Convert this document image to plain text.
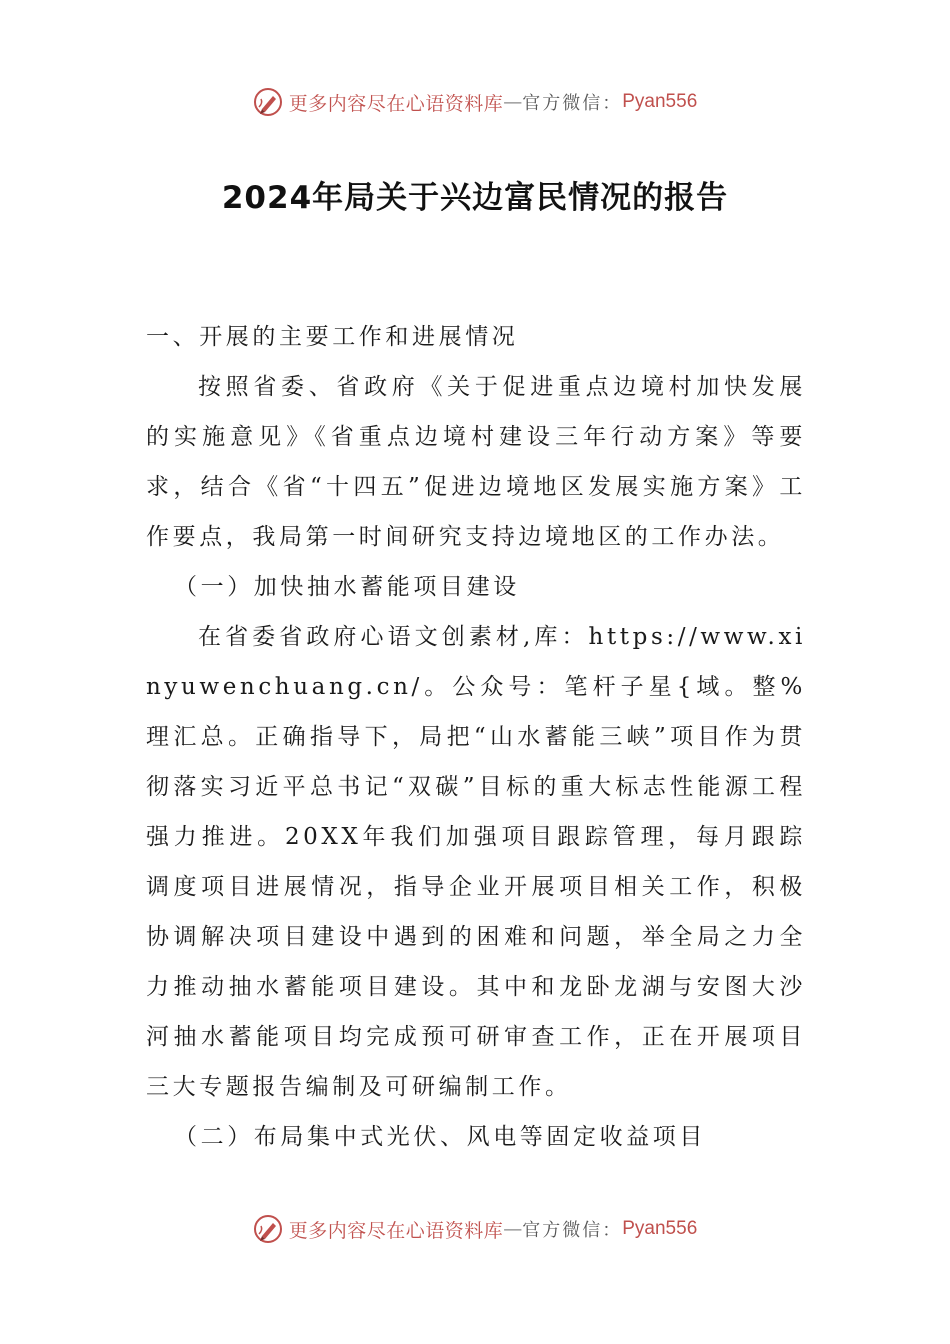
更多内容尽在心语资料库 — 官方微信： Pyan556
2024年局关于兴边富民情况的报告

一、开展的主要工作和进展情况

按照省委、省政府《关于促进重点边境村加快发展的实施意见》《省重点边境村建设三年行动方案》等要求，结合《省“十四五”促进边境地区发展实施方案》工作要点，我局第一时间研究支持边境地区的工作办法。

（一）加快抽水蓄能项目建设

在省委省政府心语文创素材,库：https://www.xinyuwenchuang.cn/。公众号：笔杆子星{域。整%理汇总。正确指导下，局把“山水蓄能三峡”项目作为贯彻落实习近平总书记“双碳”目标的重大标志性能源工程强力推进。20XX年我们加强项目跟踪管理，每月跟踪调度项目进展情况，指导企业开展项目相关工作，积极协调解决项目建设中遇到的困难和问题，举全局之力全力推动抽水蓄能项目建设。其中和龙卧龙湖与安图大沙河抽水蓄能项目均完成预可研审查工作，正在开展项目三大专题报告编制及可研编制工作。

（二）布局集中式光伏、风电等固定收益项目

更多内容尽在心语资料库 — 官方微信： Pyan556
